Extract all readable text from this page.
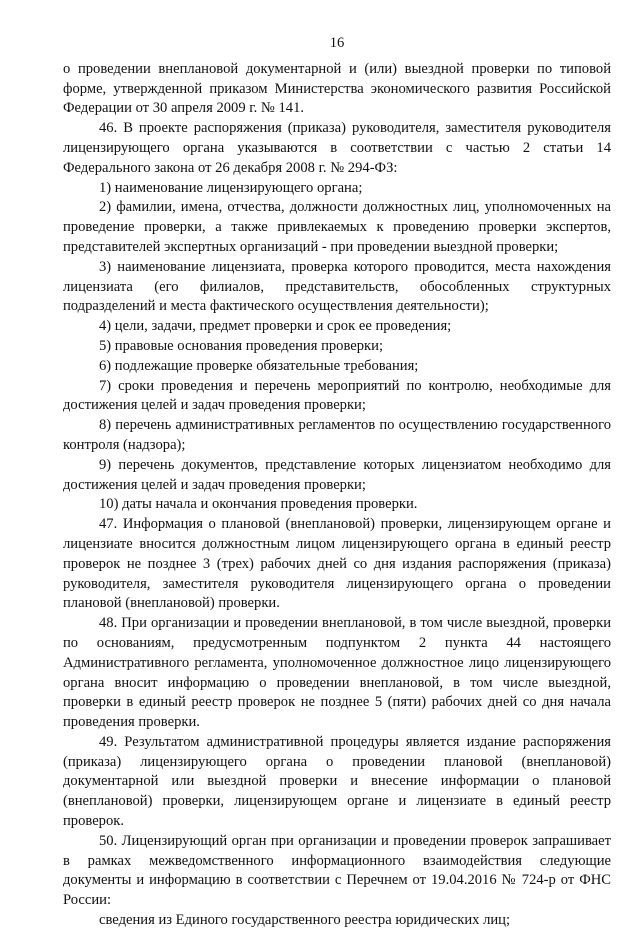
16

о проведении внеплановой документарной и (или) выездной проверки по типовой форме, утвержденной приказом Министерства экономического развития Российской Федерации от 30 апреля 2009 г. № 141.

46. В проекте распоряжения (приказа) руководителя, заместителя руководителя лицензирующего органа указываются в соответствии с частью 2 статьи 14 Федерального закона от 26 декабря 2008 г. № 294-ФЗ:

1) наименование лицензирующего органа;

2) фамилии, имена, отчества, должности должностных лиц, уполномоченных на проведение проверки, а также привлекаемых к проведению проверки экспертов, представителей экспертных организаций - при проведении выездной проверки;

3) наименование лицензиата, проверка которого проводится, места нахождения лицензиата (его филиалов, представительств, обособленных структурных подразделений и места фактического осуществления деятельности);

4) цели, задачи, предмет проверки и срок ее проведения;

5) правовые основания проведения проверки;

6) подлежащие проверке обязательные требования;

7) сроки проведения и перечень мероприятий по контролю, необходимые для достижения целей и задач проведения проверки;

8) перечень административных регламентов по осуществлению государственного контроля (надзора);

9) перечень документов, представление которых лицензиатом необходимо для достижения целей и задач проведения проверки;

10) даты начала и окончания проведения проверки.

47. Информация о плановой (внеплановой) проверки, лицензирующем органе и лицензиате вносится должностным лицом лицензирующего органа в единый реестр проверок не позднее 3 (трех) рабочих дней со дня издания распоряжения (приказа) руководителя, заместителя руководителя лицензирующего органа о проведении плановой (внеплановой) проверки.

48. При организации и проведении внеплановой, в том числе выездной, проверки по основаниям, предусмотренным подпунктом 2 пункта 44 настоящего Административного регламента, уполномоченное должностное лицо лицензирующего органа вносит информацию о проведении внеплановой, в том числе выездной, проверки в единый реестр проверок не позднее 5 (пяти) рабочих дней со дня начала проведения проверки.

49. Результатом административной процедуры является издание распоряжения (приказа) лицензирующего органа о проведении плановой (внеплановой) документарной или выездной проверки и внесение информации о плановой (внеплановой) проверки, лицензирующем органе и лицензиате в единый реестр проверок.

50. Лицензирующий орган при организации и проведении проверок запрашивает в рамках межведомственного информационного взаимодействия следующие документы и информацию в соответствии с Перечнем от 19.04.2016 № 724-р от ФНС России:

сведения из Единого государственного реестра юридических лиц;
